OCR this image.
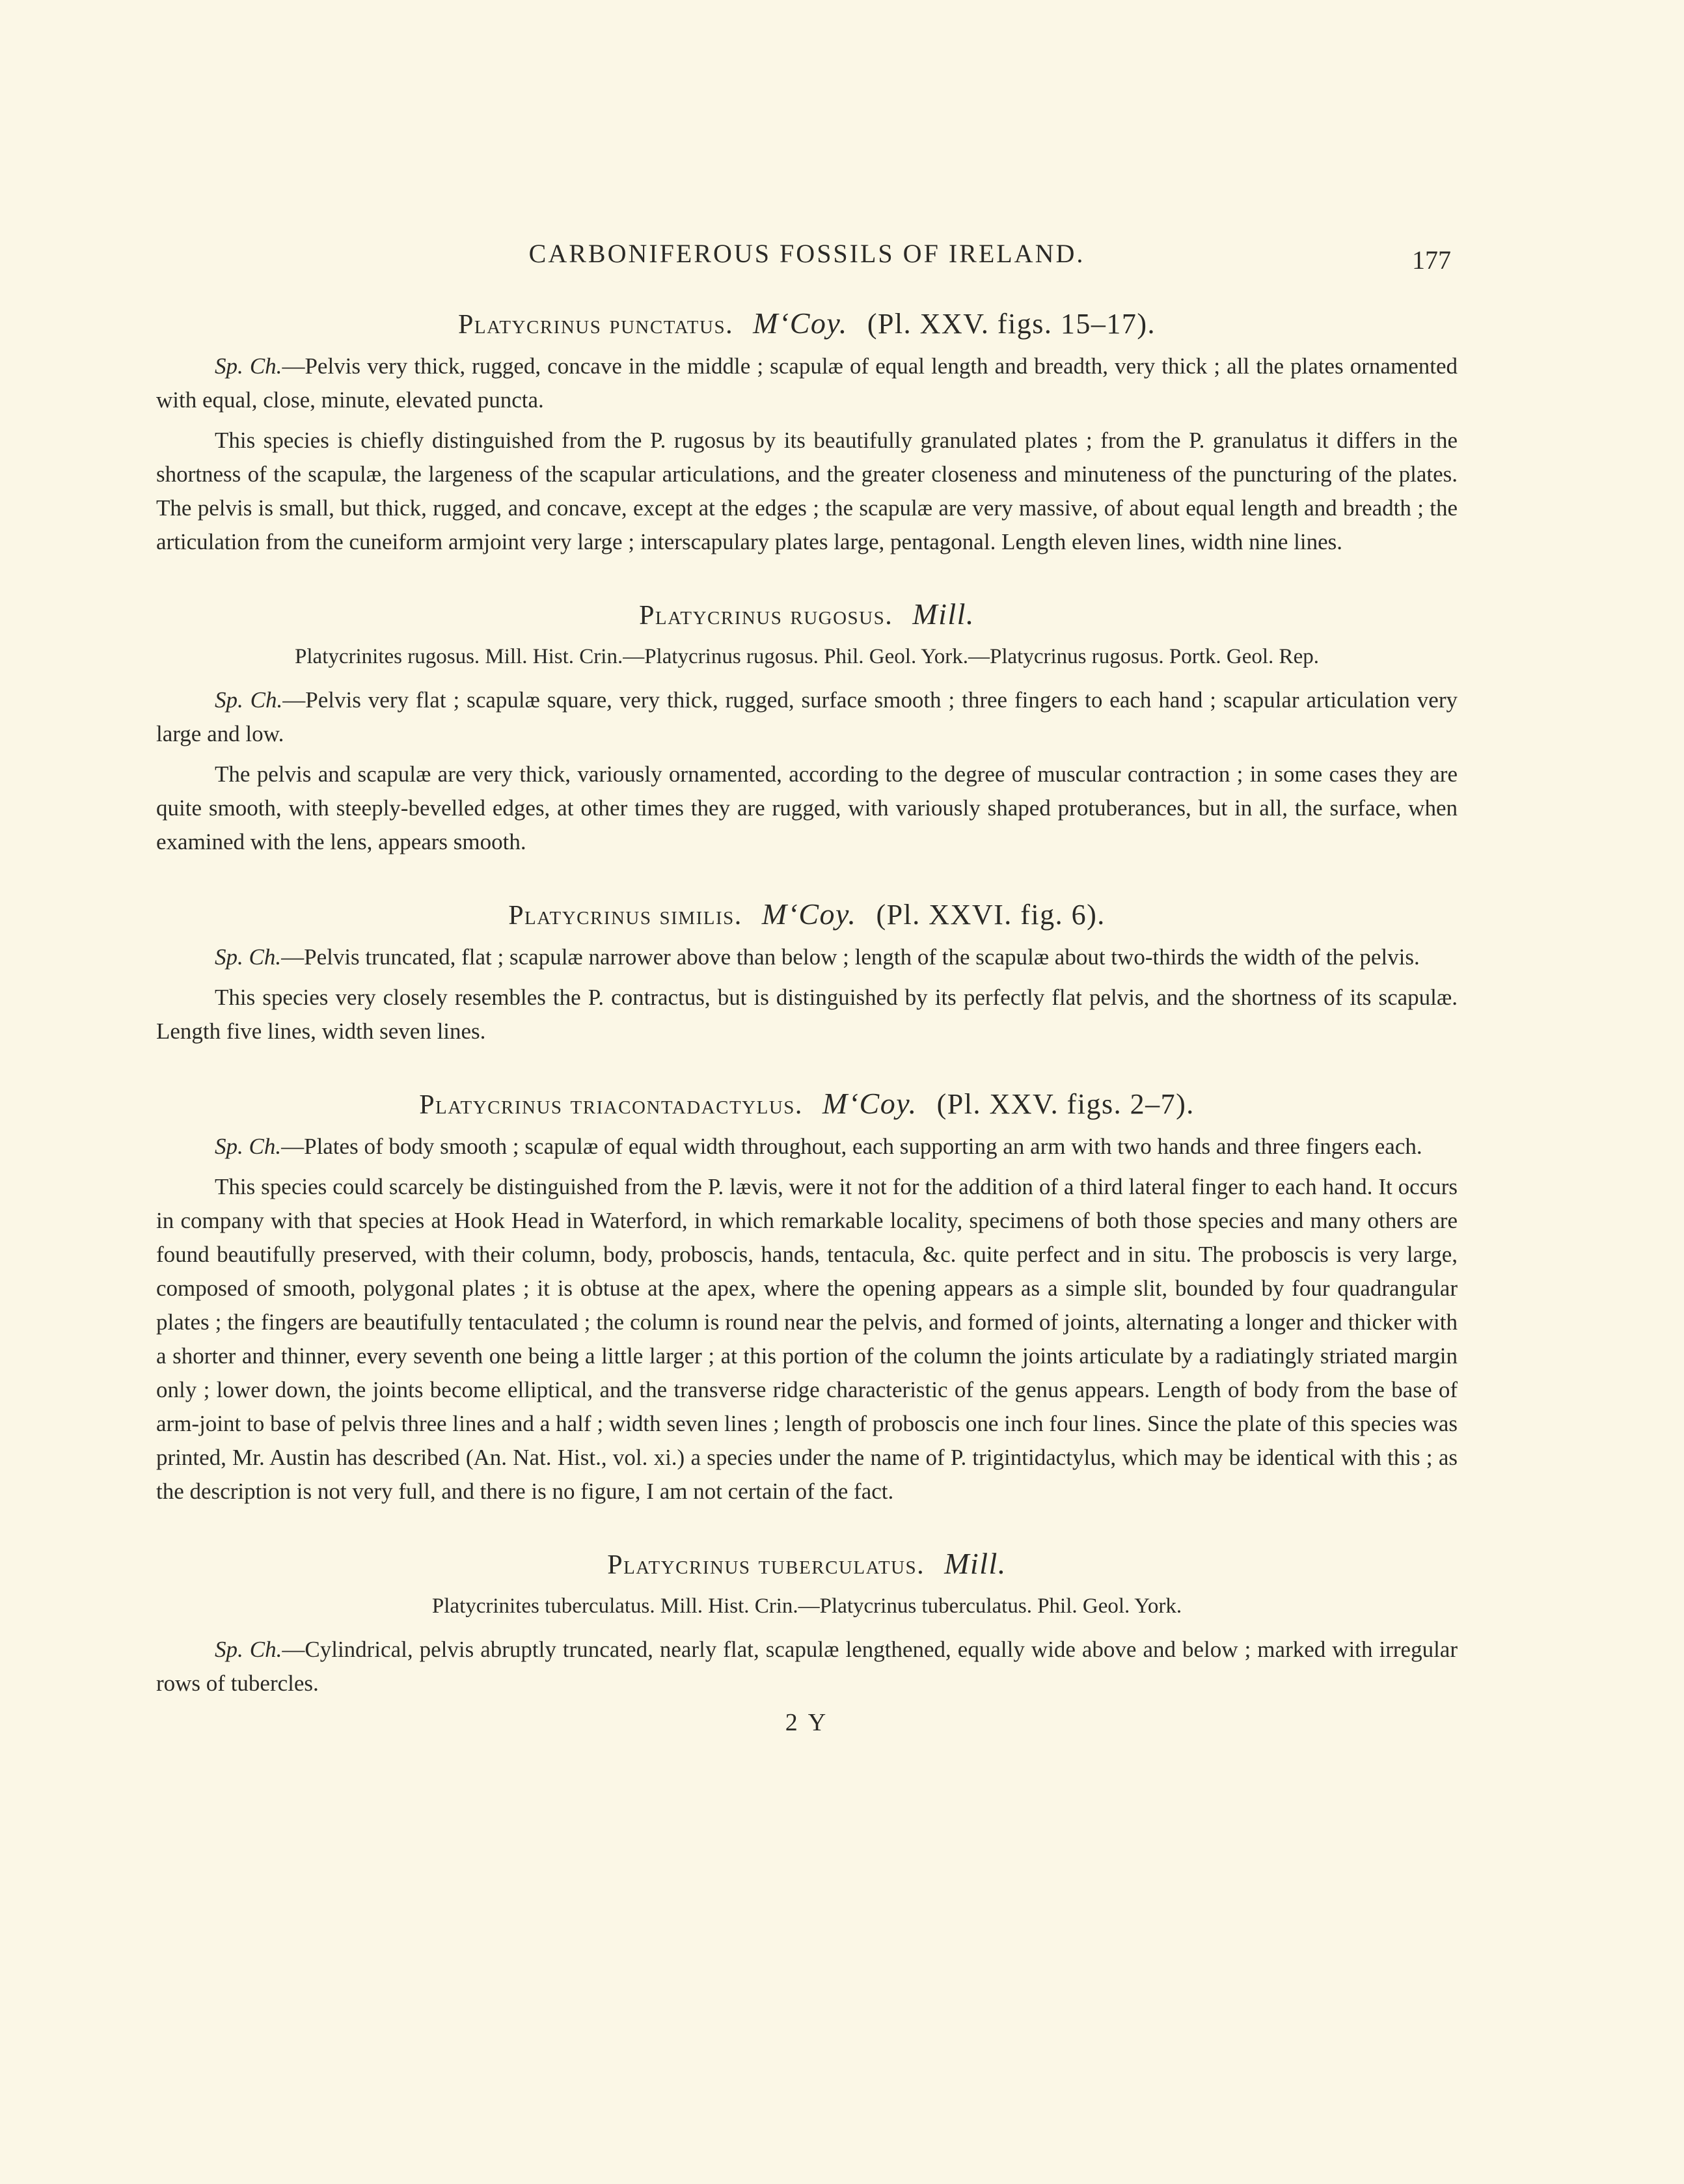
CARBONIFEROUS FOSSILS OF IRELAND.	177
Platycrinus punctatus. M‘Coy. (Pl. XXV. figs. 15–17).

Sp. Ch.—Pelvis very thick, rugged, concave in the middle ; scapulæ of equal length and breadth, very thick ; all the plates ornamented with equal, close, minute, elevated puncta.

This species is chiefly distinguished from the P. rugosus by its beautifully granulated plates ; from the P. granulatus it differs in the shortness of the scapulæ, the largeness of the scapular articulations, and the greater closeness and minuteness of the puncturing of the plates. The pelvis is small, but thick, rugged, and concave, except at the edges ; the scapulæ are very massive, of about equal length and breadth ; the articulation from the cuneiform armjoint very large ; interscapulary plates large, pentagonal. Length eleven lines, width nine lines.

Platycrinus rugosus. Mill.
Platycrinites rugosus. Mill. Hist. Crin.—Platycrinus rugosus. Phil. Geol. York.—Platycrinus rugosus. Portk. Geol. Rep.

Sp. Ch.—Pelvis very flat ; scapulæ square, very thick, rugged, surface smooth ; three fingers to each hand ; scapular articulation very large and low.

The pelvis and scapulæ are very thick, variously ornamented, according to the degree of muscular contraction ; in some cases they are quite smooth, with steeply-bevelled edges, at other times they are rugged, with variously shaped protuberances, but in all, the surface, when examined with the lens, appears smooth.

Platycrinus similis. M‘Coy. (Pl. XXVI. fig. 6).

Sp. Ch.—Pelvis truncated, flat ; scapulæ narrower above than below ; length of the scapulæ about two-thirds the width of the pelvis.

This species very closely resembles the P. contractus, but is distinguished by its perfectly flat pelvis, and the shortness of its scapulæ. Length five lines, width seven lines.

Platycrinus triacontadactylus. M‘Coy. (Pl. XXV. figs. 2–7).

Sp. Ch.—Plates of body smooth ; scapulæ of equal width throughout, each supporting an arm with two hands and three fingers each.

This species could scarcely be distinguished from the P. lævis, were it not for the addition of a third lateral finger to each hand. It occurs in company with that species at Hook Head in Waterford, in which remarkable locality, specimens of both those species and many others are found beautifully preserved, with their column, body, proboscis, hands, tentacula, &c. quite perfect and in situ. The proboscis is very large, composed of smooth, polygonal plates ; it is obtuse at the apex, where the opening appears as a simple slit, bounded by four quadrangular plates ; the fingers are beautifully tentaculated ; the column is round near the pelvis, and formed of joints, alternating a longer and thicker with a shorter and thinner, every seventh one being a little larger ; at this portion of the column the joints articulate by a radiatingly striated margin only ; lower down, the joints become elliptical, and the transverse ridge characteristic of the genus appears. Length of body from the base of arm-joint to base of pelvis three lines and a half ; width seven lines ; length of proboscis one inch four lines. Since the plate of this species was printed, Mr. Austin has described (An. Nat. Hist., vol. xi.) a species under the name of P. trigintidactylus, which may be identical with this ; as the description is not very full, and there is no figure, I am not certain of the fact.

Platycrinus tuberculatus. Mill.
Platycrinites tuberculatus. Mill. Hist. Crin.—Platycrinus tuberculatus. Phil. Geol. York.

Sp. Ch.—Cylindrical, pelvis abruptly truncated, nearly flat, scapulæ lengthened, equally wide above and below ; marked with irregular rows of tubercles.

2 Y
